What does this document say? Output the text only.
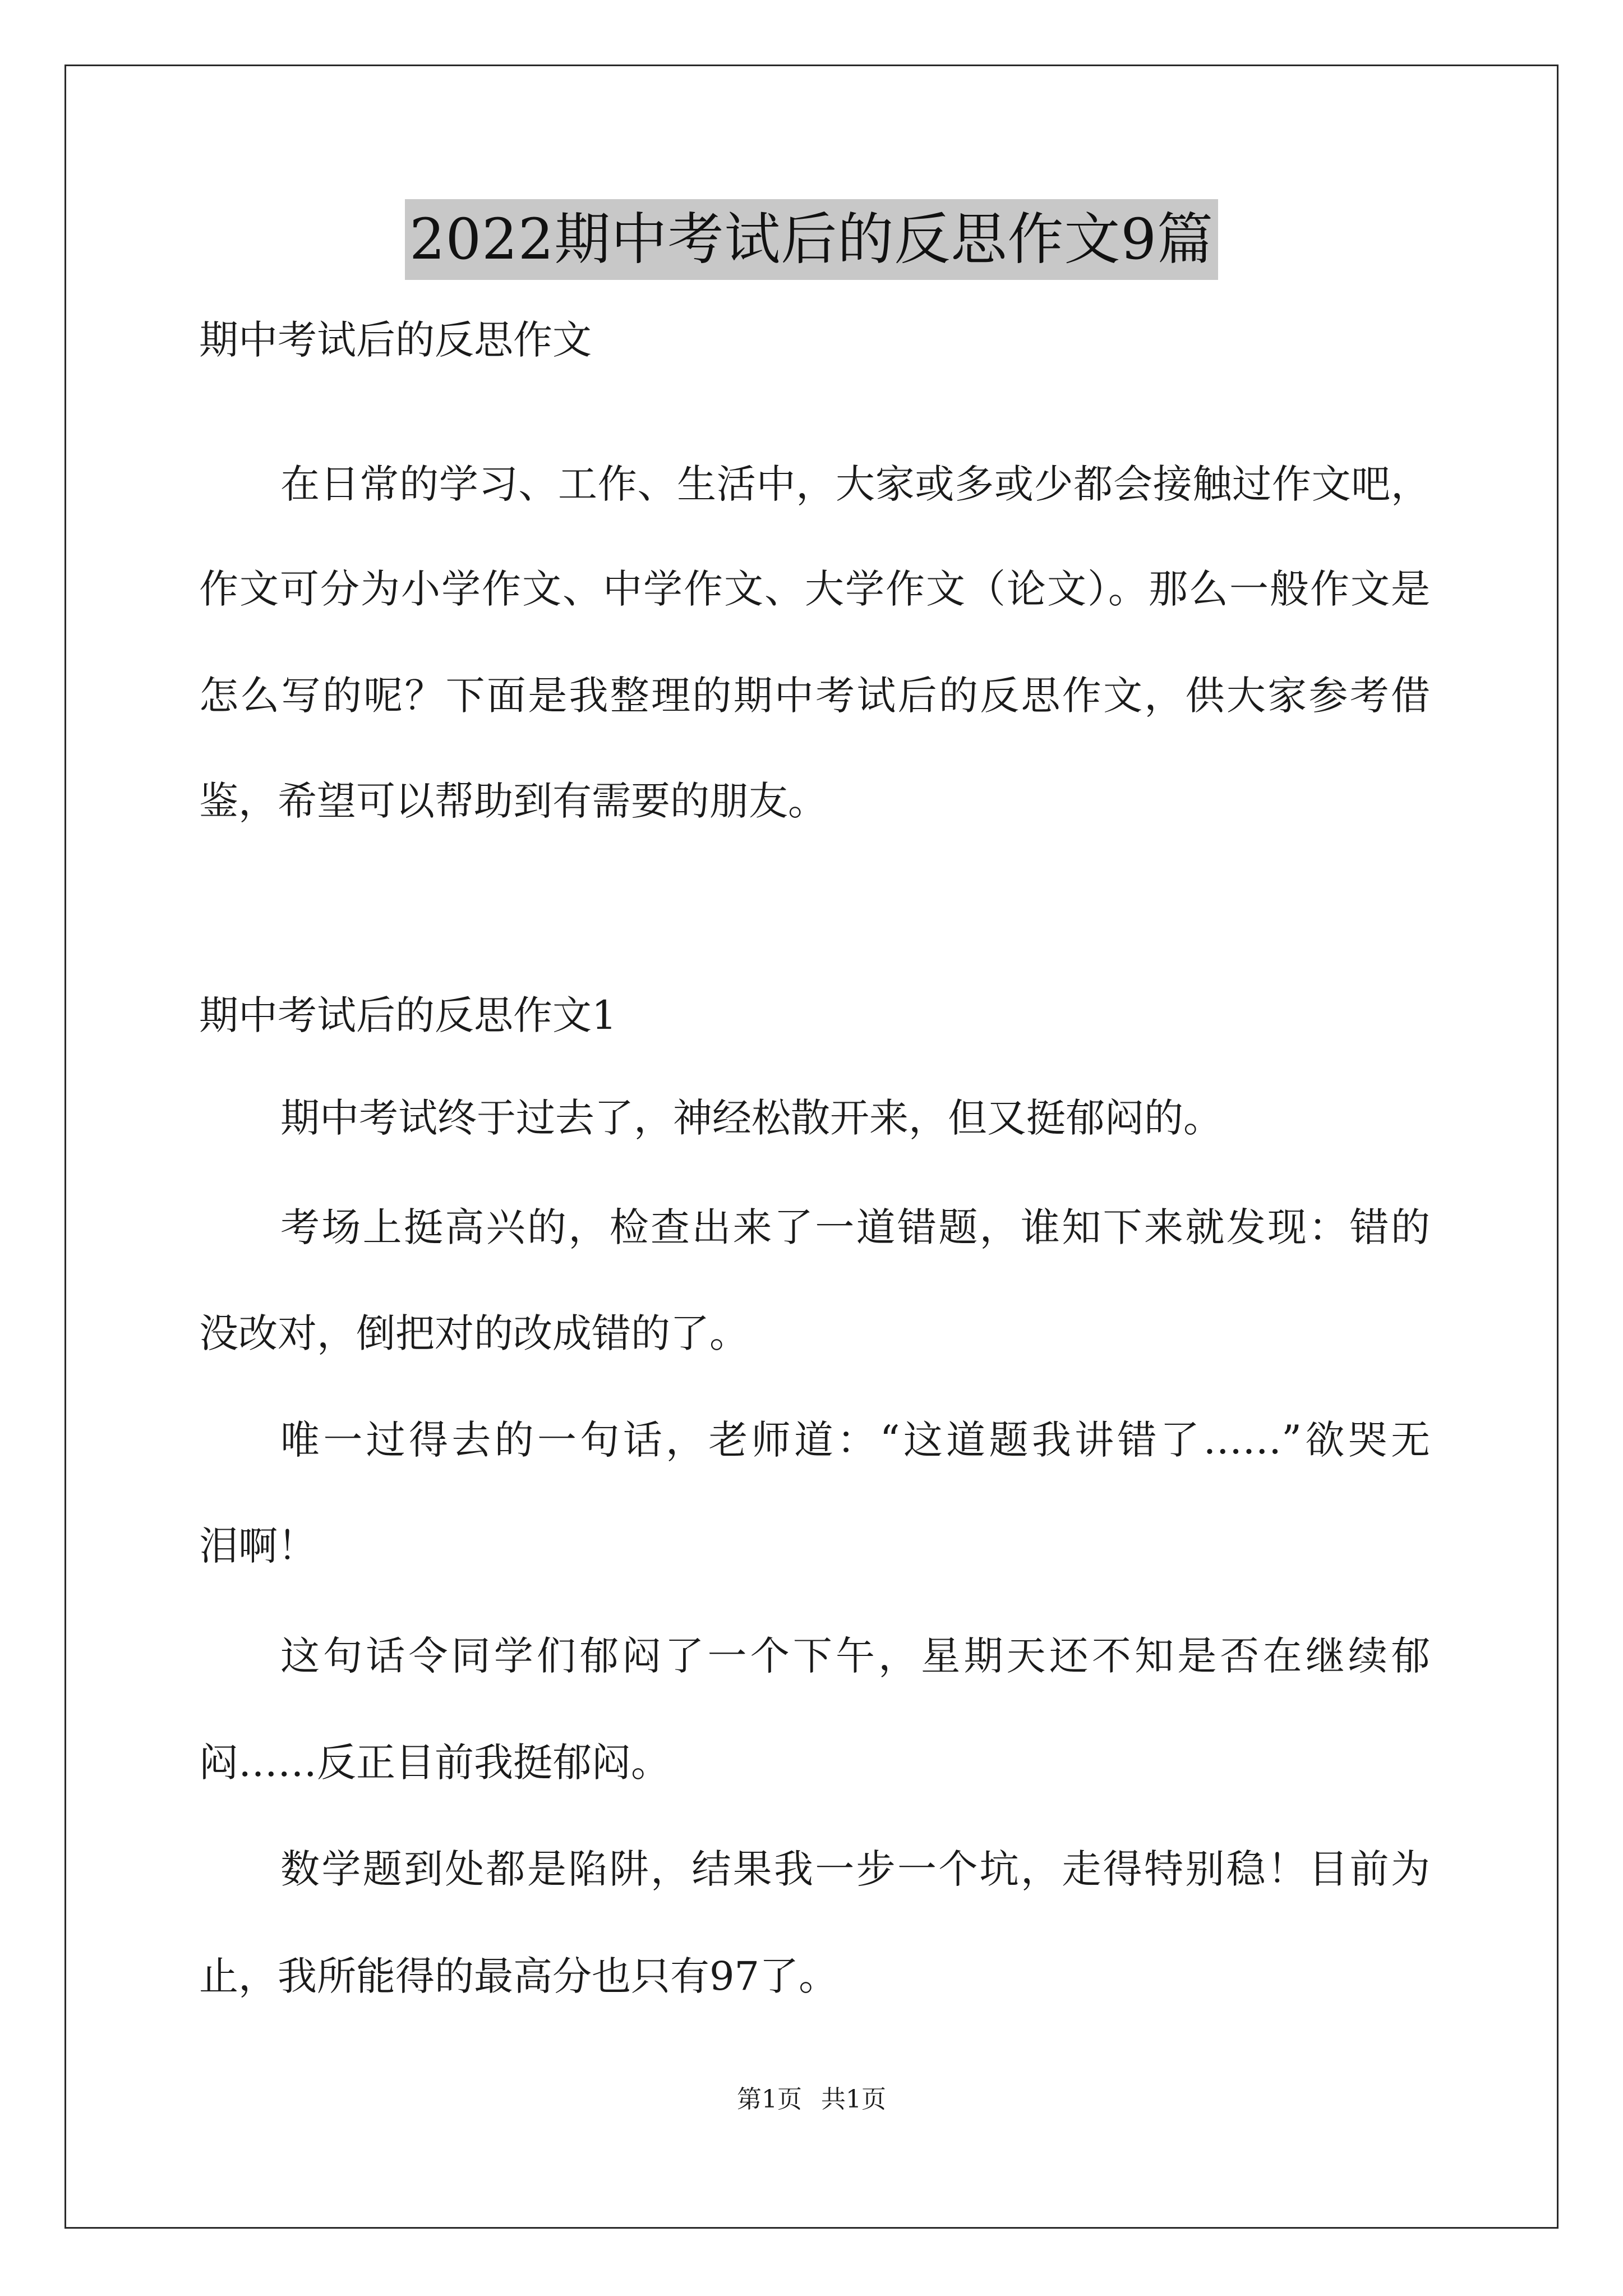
2022期中考试后的反思作文9篇
期中考试后的反思作文
在日常的学习、工作、生活中，大家或多或少都会接触过作文吧，
作文可分为小学作文、中学作文、大学作文（论文）。那么一般作文是
怎么写的呢？下面是我整理的期中考试后的反思作文，供大家参考借
鉴，希望可以帮助到有需要的朋友。
期中考试后的反思作文1
期中考试终于过去了，神经松散开来，但又挺郁闷的。
考场上挺高兴的，检查出来了一道错题，谁知下来就发现：错的
没改对，倒把对的改成错的了。
唯一过得去的一句话，老师道：“这道题我讲错了……”欲哭无
泪啊！
这句话令同学们郁闷了一个下午，星期天还不知是否在继续郁
闷……反正目前我挺郁闷。
数学题到处都是陷阱，结果我一步一个坑，走得特别稳！目前为
止，我所能得的最高分也只有97了。
第1页 共1页
